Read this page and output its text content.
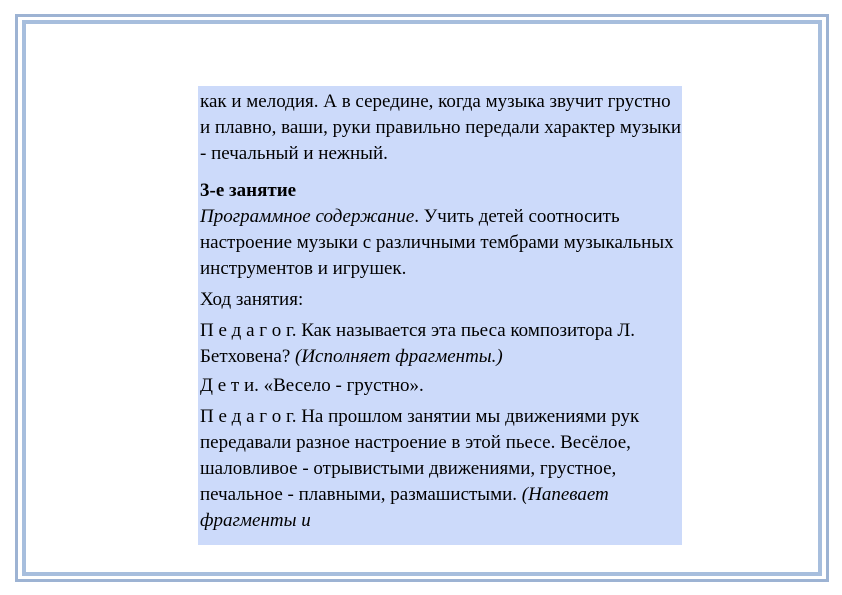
как и мелодия. А в середине, когда музыка звучит грустно и плавно, ваши, руки правильно передали характер музыки - печальный и нежный.

3-е занятие

Программное содержание. Учить детей соотносить настроение музыки с различными тембрами музыкальных инструментов и игрушек.

Ход занятия:

П е д а г о г. Как называется эта пьеса композитора Л. Бетховена? (Исполняет фрагменты.)

Д е т и. «Весело - грустно».

П е д а г о г. На прошлом занятии мы движениями рук передавали разное настроение в этой пьесе. Весёлое, шаловливое - отрывистыми движениями, грустное, печальное - плавными, размашистыми. (Напевает фрагменты и
